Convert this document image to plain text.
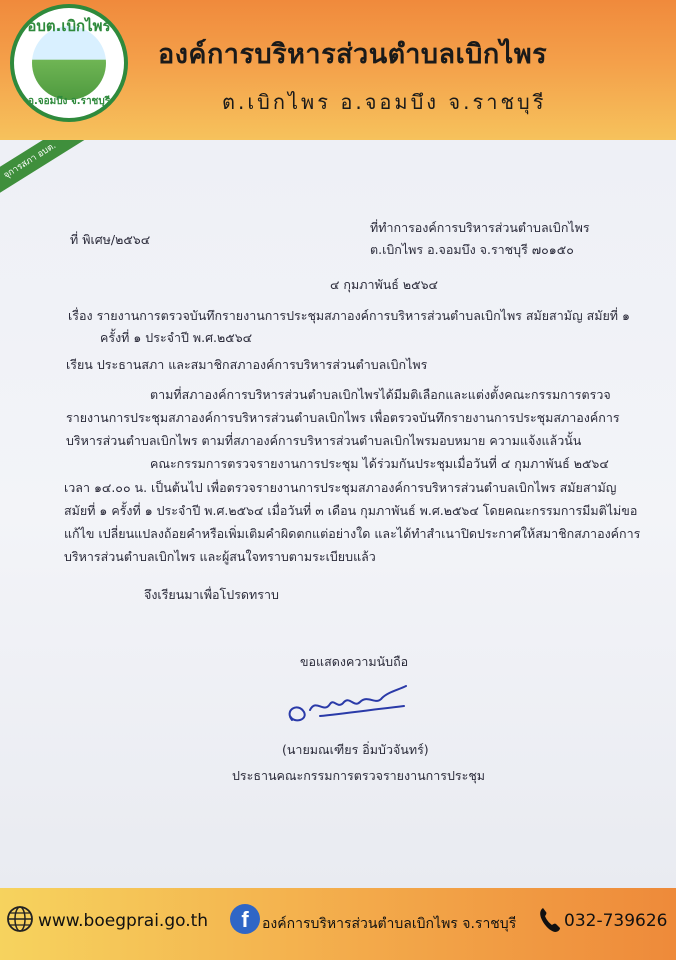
อบต.เบิกไพร
อ.จอมบึง จ.ราชบุรี
องค์การบริหารส่วนตำบลเบิกไพร
ต.เบิกไพร อ.จอมบึง จ.ราชบุรี
จุการสภา อบต.
ที่ พิเศษ/๒๕๖๔
ที่ทำการองค์การบริหารส่วนตำบลเบิกไพร
ต.เบิกไพร อ.จอมบึง จ.ราชบุรี ๗๐๑๕๐
๔ กุมภาพันธ์ ๒๕๖๔
เรื่อง รายงานการตรวจบันทึกรายงานการประชุมสภาองค์การบริหารส่วนตำบลเบิกไพร สมัยสามัญ สมัยที่ ๑
ครั้งที่ ๑ ประจำปี พ.ศ.๒๕๖๔
เรียน ประธานสภา และสมาชิกสภาองค์การบริหารส่วนตำบลเบิกไพร
ตามที่สภาองค์การบริหารส่วนตำบลเบิกไพรได้มีมติเลือกและแต่งตั้งคณะกรรมการตรวจ
รายงานการประชุมสภาองค์การบริหารส่วนตำบลเบิกไพร เพื่อตรวจบันทึกรายงานการประชุมสภาองค์การ
บริหารส่วนตำบลเบิกไพร ตามที่สภาองค์การบริหารส่วนตำบลเบิกไพรมอบหมาย ความแจ้งแล้วนั้น
คณะกรรมการตรวจรายงานการประชุม ได้ร่วมกันประชุมเมื่อวันที่ ๔ กุมภาพันธ์ ๒๕๖๔
เวลา ๑๔.๐๐ น. เป็นต้นไป เพื่อตรวจรายงานการประชุมสภาองค์การบริหารส่วนตำบลเบิกไพร สมัยสามัญ
สมัยที่ ๑ ครั้งที่ ๑ ประจำปี พ.ศ.๒๕๖๔ เมื่อวันที่ ๓ เดือน กุมภาพันธ์ พ.ศ.๒๕๖๔ โดยคณะกรรมการมีมติไม่ขอ
แก้ไข เปลี่ยนแปลงถ้อยคำหรือเพิ่มเติมคำผิดตกแต่อย่างใด และได้ทำสำเนาปิดประกาศให้สมาชิกสภาองค์การ
บริหารส่วนตำบลเบิกไพร และผู้สนใจทราบตามระเบียบแล้ว
จึงเรียนมาเพื่อโปรดทราบ
ขอแสดงความนับถือ
(นายมณเฑียร อิ่มบัวจันทร์)
ประธานคณะกรรมการตรวจรายงานการประชุม
www.boegprai.go.th	f องค์การบริหารส่วนตำบลเบิกไพร จ.ราชบุรี	032-739626
